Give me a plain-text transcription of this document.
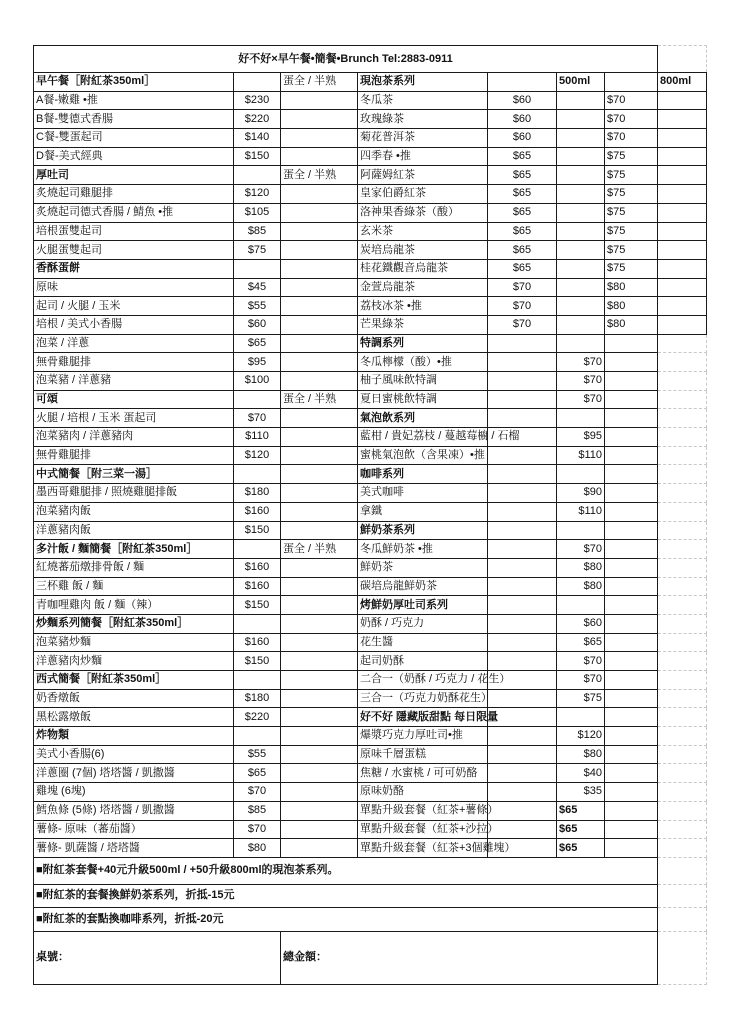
好不好×早午餐•簡餐•Brunch Tel:2883-0911							
早午餐［附紅茶350ml］		蛋全 / 半熟	現泡茶系列		500ml		800ml
A餐-嫩雞 •推	$230		冬瓜茶	$60		$70	
B餐-雙德式香腸	$220		玫瑰綠茶	$60		$70	
C餐-雙蛋起司	$140		菊花普洱茶	$60		$70	
D餐-美式經典	$150		四季春 •推	$65		$75	
厚吐司		蛋全 / 半熟	阿薩姆紅茶	$65		$75	
炙燒起司雞腿排	$120		皇家伯爵紅茶	$65		$75	
炙燒起司德式香腸 / 鯖魚 •推	$105		洛神果香綠茶（酸）	$65		$75	
培根蛋雙起司	$85		玄米茶	$65		$75	
火腿蛋雙起司	$75		炭培烏龍茶	$65		$75	
香酥蛋餅			桂花鐵觀音烏龍茶	$65		$75	
原味	$45		金萱烏龍茶	$70		$80	
起司 / 火腿 / 玉米	$55		荔枝冰茶 •推	$70		$80	
培根 / 美式小香腸	$60		芒果綠茶	$70		$80	
泡菜 / 洋蔥	$65		特調系列				
無骨雞腿排	$95		冬瓜檸檬（酸）•推		$70		
泡菜豬 / 洋蔥豬	$100		柚子風味飲特調		$70		
可頌		蛋全 / 半熟	夏日蜜桃飲特調		$70		
火腿 / 培根 / 玉米 蛋起司	$70		氣泡飲系列				
泡菜豬肉 / 洋蔥豬肉	$110		藍柑 / 貴妃荔枝 / 蔓越莓櫥 / 石榴		$95		
無骨雞腿排	$120		蜜桃氣泡飲（含果凍）•推		$110		
中式簡餐［附三菜一湯］			咖啡系列				
墨西哥雞腿排 / 照燒雞腿排飯	$180		美式咖啡		$90		
泡菜豬肉飯	$160		拿鐵		$110		
洋蔥豬肉飯	$150		鮮奶茶系列				
多汁飯 / 麵簡餐［附紅茶350ml］		蛋全 / 半熟	冬瓜鮮奶茶 •推		$70		
紅燒蕃茄燉排骨飯 / 麵	$160		鮮奶茶		$80		
三杯雞 飯 / 麵	$160		碳培烏龍鮮奶茶		$80		
青咖哩雞肉 飯 / 麵（辣）	$150		烤鮮奶厚吐司系列				
炒麵系列簡餐［附紅茶350ml］			奶酥 / 巧克力		$60		
泡菜豬炒麵	$160		花生醬		$65		
洋蔥豬肉炒麵	$150		起司奶酥		$70		
西式簡餐［附紅茶350ml］			二合一（奶酥 / 巧克力 / 花生）		$70		
奶香燉飯	$180		三合一（巧克力奶酥花生）		$75		
黑松露燉飯	$220		好不好 隱藏版甜點 每日限量				
炸物類			爆漿巧克力厚吐司•推		$120		
美式小香腸(6)	$55		原味千層蛋糕		$80		
洋蔥圈 (7個) 塔塔醬 / 凱撒醬	$65		焦糖 / 水蜜桃 / 可可奶酪		$40		
雞塊 (6塊)	$70		原味奶酪		$35		
鱈魚條 (5條) 塔塔醬 / 凱撒醬	$85		單點升級套餐（紅茶+薯條）		$65		
薯條- 原味（蕃茄醬）	$70		單點升級套餐（紅茶+沙拉）		$65		
薯條- 凱薩醬 / 塔塔醬	$80		單點升級套餐（紅茶+3個雞塊）		$65		
■附紅茶套餐+40元升級500ml / +50升級800ml的現泡茶系列。							
■附紅茶的套餐換鮮奶茶系列，折抵-15元							
■附紅茶的套點換咖啡系列，折抵-20元							
桌號：		總金額：					
